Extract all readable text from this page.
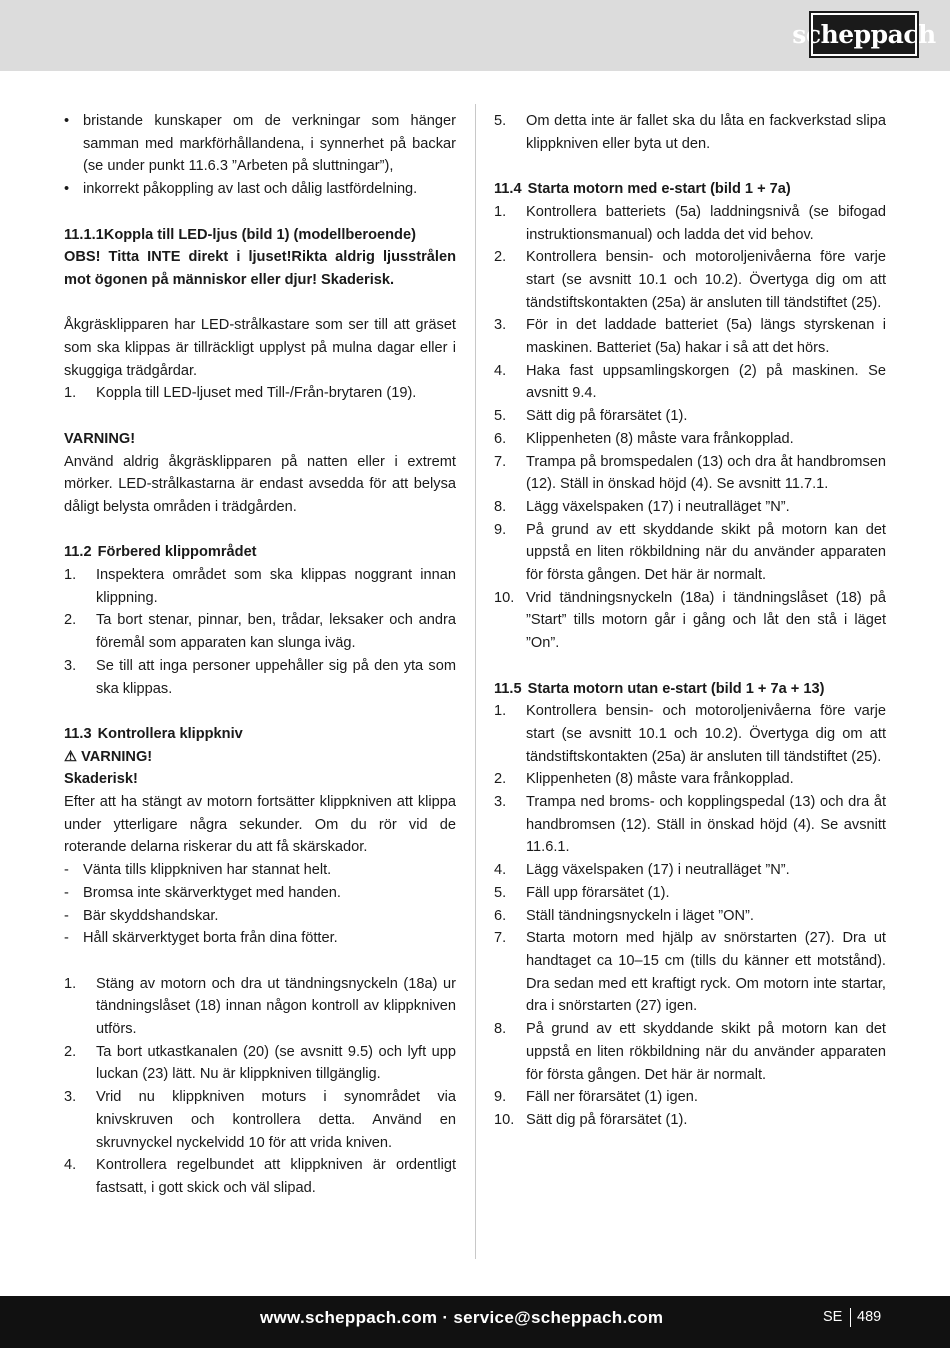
scheppach
• bristande kunskaper om de verkningar som hänger samman med markförhållandena, i synnerhet på backar (se under punkt 11.6.3 ”Arbeten på sluttningar”),
• inkorrekt påkoppling av last och dålig lastfördelning.
11.1.1 Koppla till LED-ljus (bild 1) (modellberoende)

OBS! Titta INTE direkt i ljuset!Rikta aldrig ljusstrålen mot ögonen på människor eller djur! Skaderisk.

Åkgräsklipparen har LED-strålkastare som ser till att gräset som ska klippas är tillräckligt upplyst på mulna dagar eller i skuggiga trädgårdar.

1.	Koppla till LED-ljuset med Till-/Från-brytaren (19).

VARNING!

Använd aldrig åkgräsklipparen på natten eller i extremt mörker. LED-strålkastarna är endast avsedda för att belysa dåligt belysta områden i trädgården.

11.2 Förbered klippområdet
1.	Inspektera området som ska klippas noggrant innan klippning.
2.	Ta bort stenar, pinnar, ben, trådar, leksaker och andra föremål som apparaten kan slunga iväg.
3.	Se till att inga personer uppehåller sig på den yta som ska klippas.
11.3 Kontrollera klippkniv

⚠ VARNING!

Skaderisk!

Efter att ha stängt av motorn fortsätter klippkniven att klippa under ytterligare några sekunder. Om du rör vid de roterande delarna riskerar du att få skärskador.

- Vänta tills klippkniven har stannat helt.
- Bromsa inte skärverktyget med handen.
- Bär skyddshandskar.
- Håll skärverktyget borta från dina fötter.
1.	Stäng av motorn och dra ut tändningsnyckeln (18a) ur tändningslåset (18) innan någon kontroll av klippkniven utförs.
2.	Ta bort utkastkanalen (20) (se avsnitt 9.5) och lyft upp luckan (23) lätt. Nu är klippkniven tillgänglig.
3.	Vrid nu klippkniven moturs i synområdet via knivskruven och kontrollera detta. Använd en skruvnyckel nyckelvidd 10 för att vrida kniven.
4.	Kontrollera regelbundet att klippkniven är ordentligt fastsatt, i gott skick och väl slipad.
5.	Om detta inte är fallet ska du låta en fackverkstad slipa klippkniven eller byta ut den.
11.4 Starta motorn med e-start (bild 1 + 7a)
1.	Kontrollera batteriets (5a) laddningsnivå (se bifogad instruktionsmanual) och ladda det vid behov.
2.	Kontrollera bensin- och motoroljenivåerna före varje start (se avsnitt 10.1 och 10.2). Övertyga dig om att tändstiftskontakten (25a) är ansluten till tändstiftet (25).
3.	För in det laddade batteriet (5a) längs styrskenan i maskinen. Batteriet (5a) hakar i så att det hörs.
4.	Haka fast uppsamlingskorgen (2) på maskinen. Se avsnitt 9.4.
5.	Sätt dig på förarsätet (1).
6.	Klippenheten (8) måste vara frånkopplad.
7.	Trampa på bromspedalen (13) och dra åt handbromsen (12). Ställ in önskad höjd (4). Se avsnitt 11.7.1.
8.	Lägg växelspaken (17) i neutralläget ”N”.
9.	På grund av ett skyddande skikt på motorn kan det uppstå en liten rökbildning när du använder apparaten för första gången. Det här är normalt.
10. Vrid tändningsnyckeln (18a) i tändningslåset (18) på ”Start” tills motorn går i gång och låt den stå i läget ”On”.
11.5 Starta motorn utan e-start (bild 1 + 7a + 13)
1.	Kontrollera bensin- och motoroljenivåerna före varje start (se avsnitt 10.1 och 10.2). Övertyga dig om att tändstiftskontakten (25a) är ansluten till tändstiftet (25).
2.	Klippenheten (8) måste vara frånkopplad.
3.	Trampa ned broms- och kopplingspedal (13) och dra åt handbromsen (12). Ställ in önskad höjd (4). Se avsnitt 11.6.1.
4.	Lägg växelspaken (17) i neutralläget ”N”.
5.	Fäll upp förarsätet (1).
6.	Ställ tändningsnyckeln i läget ”ON”.
7.	Starta motorn med hjälp av snörstarten (27). Dra ut handtaget ca 10–15 cm (tills du känner ett motstånd). Dra sedan med ett kraftigt ryck. Om motorn inte startar, dra i snörstarten (27) igen.
8.	På grund av ett skyddande skikt på motorn kan det uppstå en liten rökbildning när du använder apparaten för första gången. Det här är normalt.
9.	Fäll ner förarsätet (1) igen.
10. Sätt dig på förarsätet (1).
www.scheppach.com · service@scheppach.com	SE 489
